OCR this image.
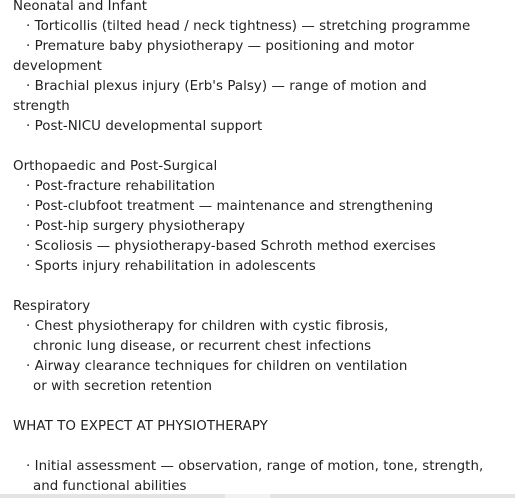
Neonatal and Infant
· Torticollis (tilted head / neck tightness) — stretching programme
· Premature baby physiotherapy — positioning and motor
development
· Brachial plexus injury (Erb's Palsy) — range of motion and
strength
· Post-NICU developmental support
Orthopaedic and Post-Surgical
· Post-fracture rehabilitation
· Post-clubfoot treatment — maintenance and strengthening
· Post-hip surgery physiotherapy
· Scoliosis — physiotherapy-based Schroth method exercises
· Sports injury rehabilitation in adolescents
Respiratory
· Chest physiotherapy for children with cystic fibrosis,
chronic lung disease, or recurrent chest infections
· Airway clearance techniques for children on ventilation
or with secretion retention
WHAT TO EXPECT AT PHYSIOTHERAPY
· Initial assessment — observation, range of motion, tone, strength,
and functional abilities
